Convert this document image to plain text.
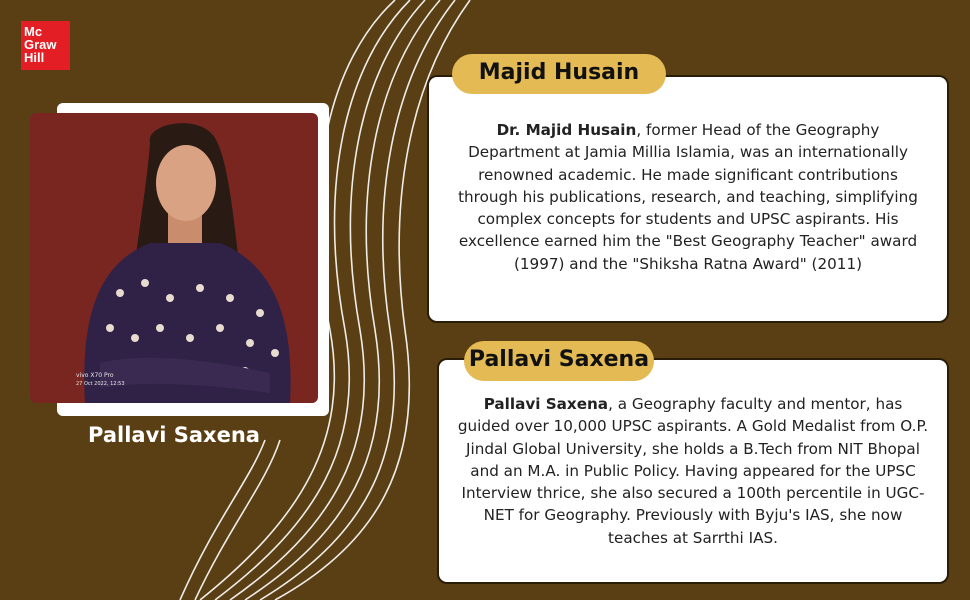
Mc
Graw
Hill
vivo X70 Pro
27 Oct 2022, 12:53
Pallavi Saxena
Dr. Majid Husain, former Head of the Geography Department at Jamia Millia Islamia, was an internationally renowned academic. He made significant contributions through his publications, research, and teaching, simplifying complex concepts for students and UPSC aspirants. His excellence earned him the "Best Geography Teacher" award (1997) and the "Shiksha Ratna Award" (2011)
Majid Husain
Pallavi Saxena, a Geography faculty and mentor, has guided over 10,000 UPSC aspirants. A Gold Medalist from O.P. Jindal Global University, she holds a B.Tech from NIT Bhopal and an M.A. in Public Policy. Having appeared for the UPSC Interview thrice, she also secured a 100th percentile in UGC-NET for Geography. Previously with Byju's IAS, she now teaches at Sarrthi IAS.
Pallavi Saxena
